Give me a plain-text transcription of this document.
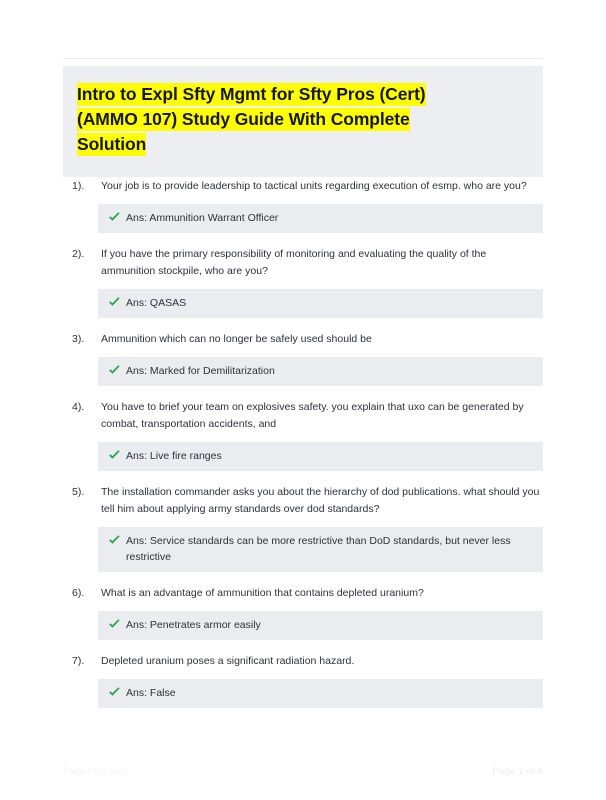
Intro to Expl Sfty Mgmt for Sfty Pros (Cert)
(AMMO 107) Study Guide With Complete
Solution
1).	Your job is to provide leadership to tactical units regarding execution of esmp. who are you?
Ans: Ammunition Warrant Officer
2).	If you have the primary responsibility of monitoring and evaluating the quality of the ammunition stockpile, who are you?
Ans: QASAS
3).	Ammunition which can no longer be safely used should be
Ans: Marked for Demilitarization
4).	You have to brief your team on explosives safety. you explain that uxo can be generated by combat, transportation accidents, and
Ans: Live fire ranges
5).	The installation commander asks you about the hierarchy of dod publications. what should you tell him about applying army standards over dod standards?
Ans: Service standards can be more restrictive than DoD standards, but never less restrictive
6).	What is an advantage of ammunition that contains depleted uranium?
Ans: Penetrates armor easily
7).	Depleted uranium poses a significant radiation hazard.
Ans: False
PaperSttic.com	Page 1 of 4
